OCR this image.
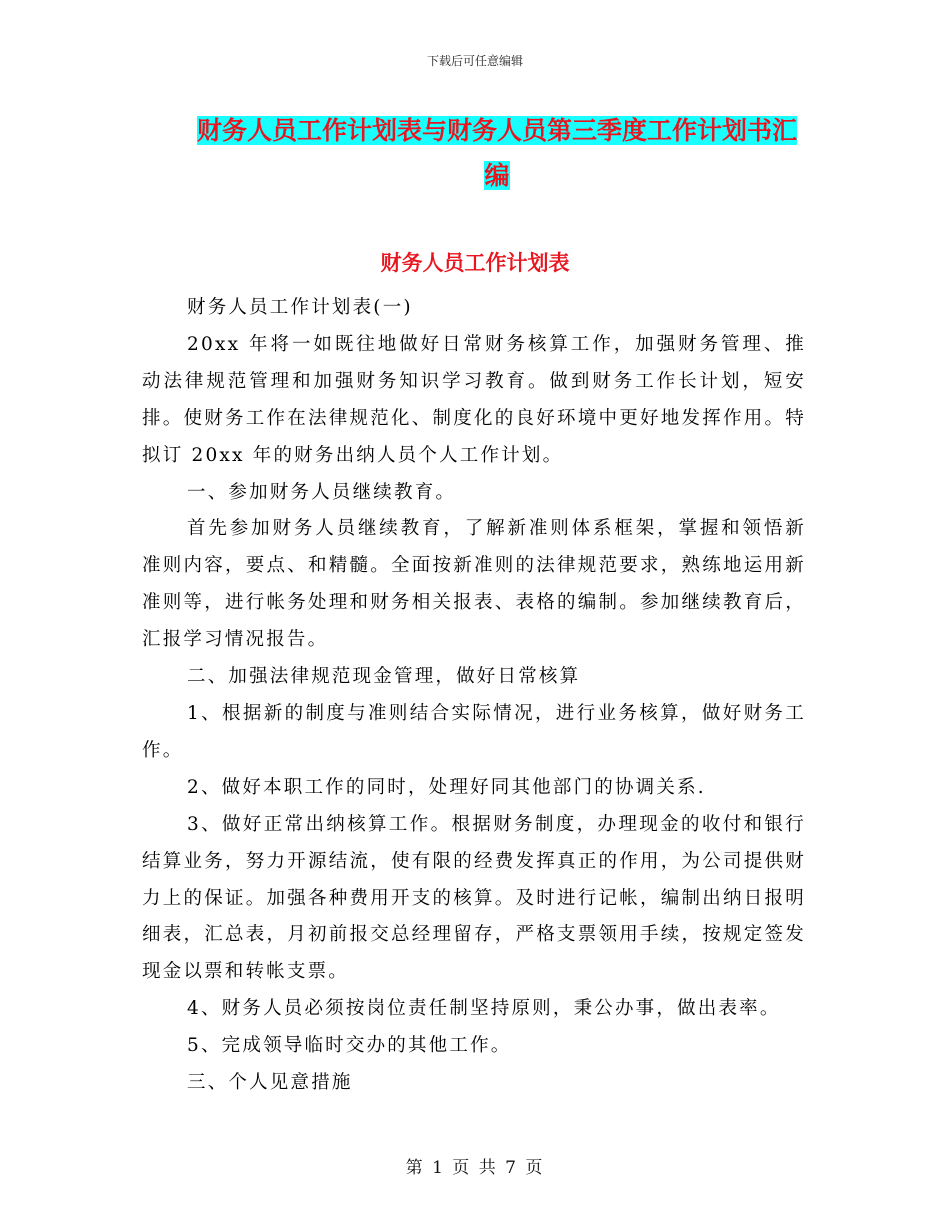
下载后可任意编辑
财务人员工作计划表与财务人员第三季度工作计划书汇编
财务人员工作计划表

财务人员工作计划表(一)

20xx 年将一如既往地做好日常财务核算工作，加强财务管理、推动法律规范管理和加强财务知识学习教育。做到财务工作长计划，短安排。使财务工作在法律规范化、制度化的良好环境中更好地发挥作用。特拟订 20xx 年的财务出纳人员个人工作计划。

一、参加财务人员继续教育。

首先参加财务人员继续教育，了解新准则体系框架，掌握和领悟新准则内容，要点、和精髓。全面按新准则的法律规范要求，熟练地运用新准则等，进行帐务处理和财务相关报表、表格的编制。参加继续教育后，汇报学习情况报告。

二、加强法律规范现金管理，做好日常核算

1、根据新的制度与准则结合实际情况，进行业务核算，做好财务工作。

2、做好本职工作的同时，处理好同其他部门的协调关系.

3、做好正常出纳核算工作。根据财务制度，办理现金的收付和银行结算业务，努力开源结流，使有限的经费发挥真正的作用，为公司提供财力上的保证。加强各种费用开支的核算。及时进行记帐，编制出纳日报明细表，汇总表，月初前报交总经理留存，严格支票领用手续，按规定签发现金以票和转帐支票。

4、财务人员必须按岗位责任制坚持原则，秉公办事，做出表率。

5、完成领导临时交办的其他工作。

三、个人见意措施

第 1 页 共 7 页
